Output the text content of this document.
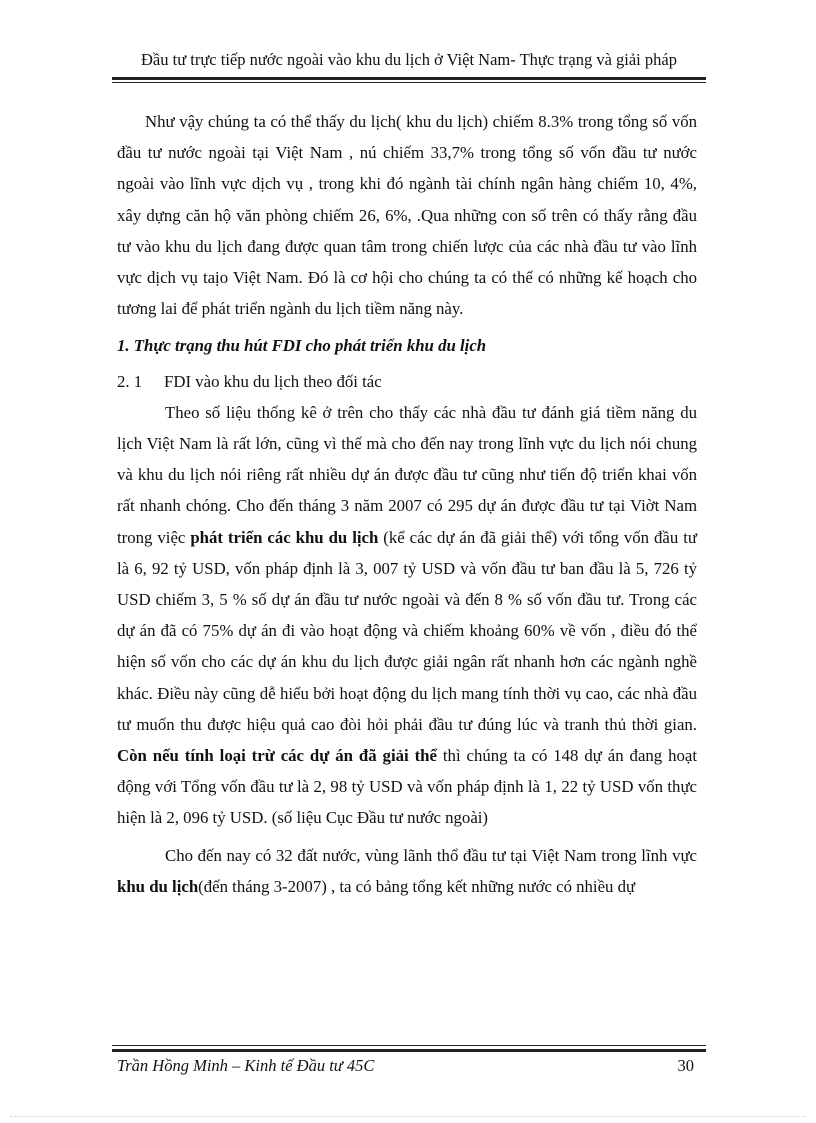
Đầu tư trực tiếp nước ngoài vào khu du lịch ở Việt Nam- Thực trạng và giải pháp

Như vậy chúng ta có thể thấy du lịch( khu du lịch) chiếm 8.3% trong tổng số vốn đầu tư nước ngoài tại Việt Nam , nú chiếm 33,7% trong tổng số vốn đầu tư nước ngoài vào lĩnh vực dịch vụ , trong khi đó ngành tài chính ngân hàng chiếm 10, 4%, xây dựng căn hộ văn phòng chiếm 26, 6%, .Qua những con số trên có thấy rằng đầu tư vào khu du lịch đang được quan tâm trong chiến lược của các nhà đầu tư vào lĩnh vực dịch vụ taịo Việt Nam. Đó là cơ hội cho chúng ta có thể có những kế hoạch cho tương lai để phát triển ngành du lịch tiềm năng này.

1. Thực trạng thu hút FDI cho phát triển khu du lịch

2. 1 FDI vào khu du lịch theo đối tác

Theo số liệu thống kê ở trên cho thấy các nhà đầu tư đánh giá tiềm năng du lịch Việt Nam là rất lớn, cũng vì thế mà cho đến nay trong lĩnh vực du lịch nói chung và khu du lịch nói riêng rất nhiều dự án được đầu tư cũng như tiến độ triển khai vốn rất nhanh chóng. Cho đến tháng 3 năm 2007 có 295 dự án được đầu tư tại Viờt Nam trong việc phát triển các khu du lịch (kể các dự án đã giải thể) với tổng vốn đầu tư là 6, 92 tỷ USD, vốn pháp định là 3, 007 tỷ USD và vốn đầu tư ban đầu là 5, 726 tỷ USD chiếm 3, 5 % số dự án đầu tư nước ngoài và đến 8 % số vốn đầu tư. Trong các dự án đã có 75% dự án đi vào hoạt động và chiếm khoảng 60% về vốn , điều đó thể hiện số vốn cho các dự án khu du lịch được giải ngân rất nhanh hơn các ngành nghề khác. Điều này cũng dễ hiểu bởi hoạt động du lịch mang tính thời vụ cao, các nhà đầu tư muốn thu được hiệu quả cao đòi hỏi phải đầu tư đúng lúc và tranh thủ thời gian. Còn nếu tính loại trừ các dự án đã giải thể thì chúng ta có 148 dự án đang hoạt động với Tổng vốn đầu tư là 2, 98 tỷ USD và vốn pháp định là 1, 22 tỷ USD vốn thực hiện là 2, 096 tỷ USD. (số liệu Cục Đầu tư nước ngoài)

Cho đến nay có 32 đất nước, vùng lãnh thổ đầu tư tại Việt Nam trong lĩnh vực khu du lịch(đến tháng 3-2007) , ta có bảng tổng kết những nước có nhiều dự

Trần Hồng Minh – Kinh tế Đầu tư 45C	30
